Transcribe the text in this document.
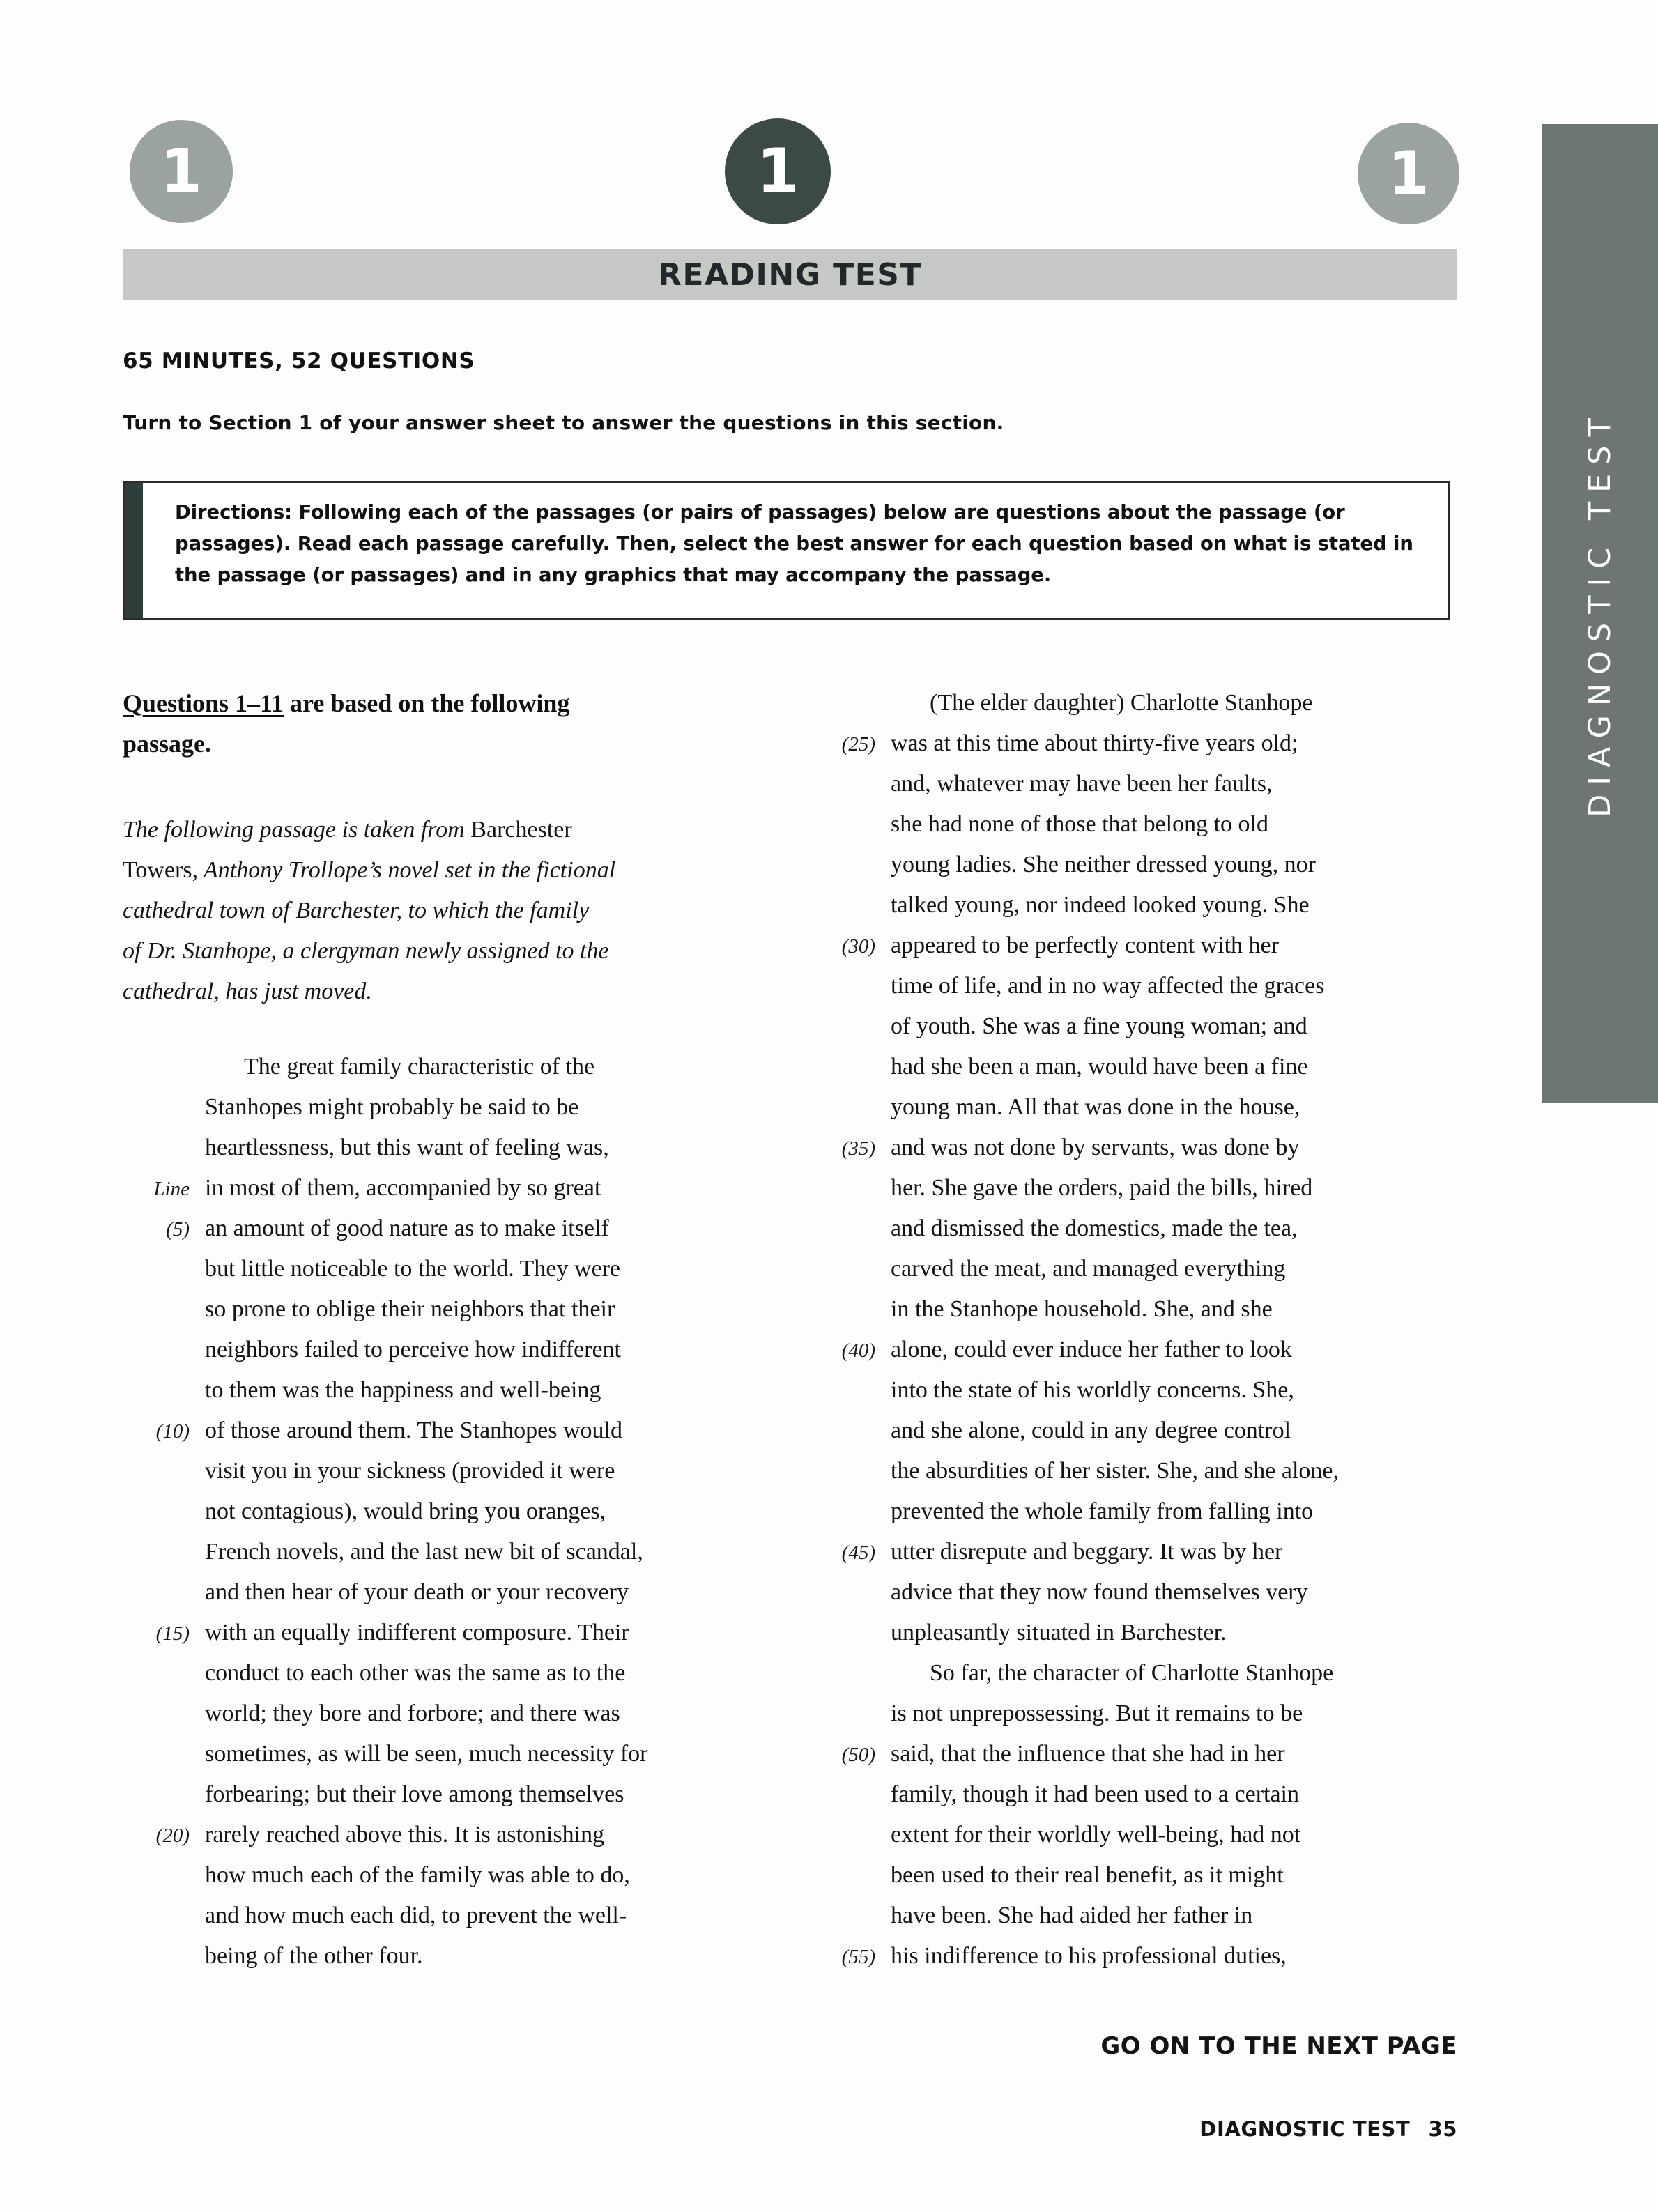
1	1	1
READING TEST
65 MINUTES, 52 QUESTIONS
Turn to Section 1 of your answer sheet to answer the questions in this section.
Directions: Following each of the passages (or pairs of passages) below are questions about the passage (or passages). Read each passage carefully. Then, select the best answer for each question based on what is stated in the passage (or passages) and in any graphics that may accompany the passage.	DIAGNOSTIC TEST
Questions 1–11 are based on the following
passage.
The following passage is taken from Barchester
Towers, Anthony Trollope’s novel set in the fictional
cathedral town of Barchester, to which the family
of Dr. Stanhope, a clergyman newly assigned to the
cathedral, has just moved.
The great family characteristic of the
Stanhopes might probably be said to be
heartlessness, but this want of feeling was,
Line in most of them, accompanied by so great
(5) an amount of good nature as to make itself
but little noticeable to the world. They were
so prone to oblige their neighbors that their
neighbors failed to perceive how indifferent
to them was the happiness and well-being
(10) of those around them. The Stanhopes would
visit you in your sickness (provided it were
not contagious), would bring you oranges,
French novels, and the last new bit of scandal,
and then hear of your death or your recovery
(15) with an equally indifferent composure. Their
conduct to each other was the same as to the
world; they bore and forbore; and there was
sometimes, as will be seen, much necessity for
forbearing; but their love among themselves
(20) rarely reached above this. It is astonishing
how much each of the family was able to do,
and how much each did, to prevent the well-
being of the other four.
(The elder daughter) Charlotte Stanhope
(25) was at this time about thirty-five years old;
and, whatever may have been her faults,
she had none of those that belong to old
young ladies. She neither dressed young, nor
talked young, nor indeed looked young. She
(30) appeared to be perfectly content with her
time of life, and in no way affected the graces
of youth. She was a fine young woman; and
had she been a man, would have been a fine
young man. All that was done in the house,
(35) and was not done by servants, was done by
her. She gave the orders, paid the bills, hired
and dismissed the domestics, made the tea,
carved the meat, and managed everything
in the Stanhope household. She, and she
(40) alone, could ever induce her father to look
into the state of his worldly concerns. She,
and she alone, could in any degree control
the absurdities of her sister. She, and she alone,
prevented the whole family from falling into
(45) utter disrepute and beggary. It was by her
advice that they now found themselves very
unpleasantly situated in Barchester.
So far, the character of Charlotte Stanhope
is not unprepossessing. But it remains to be
(50) said, that the influence that she had in her
family, though it had been used to a certain
extent for their worldly well-being, had not
been used to their real benefit, as it might
have been. She had aided her father in
(55) his indifference to his professional duties,
GO ON TO THE NEXT PAGE
DIAGNOSTIC TEST 35
